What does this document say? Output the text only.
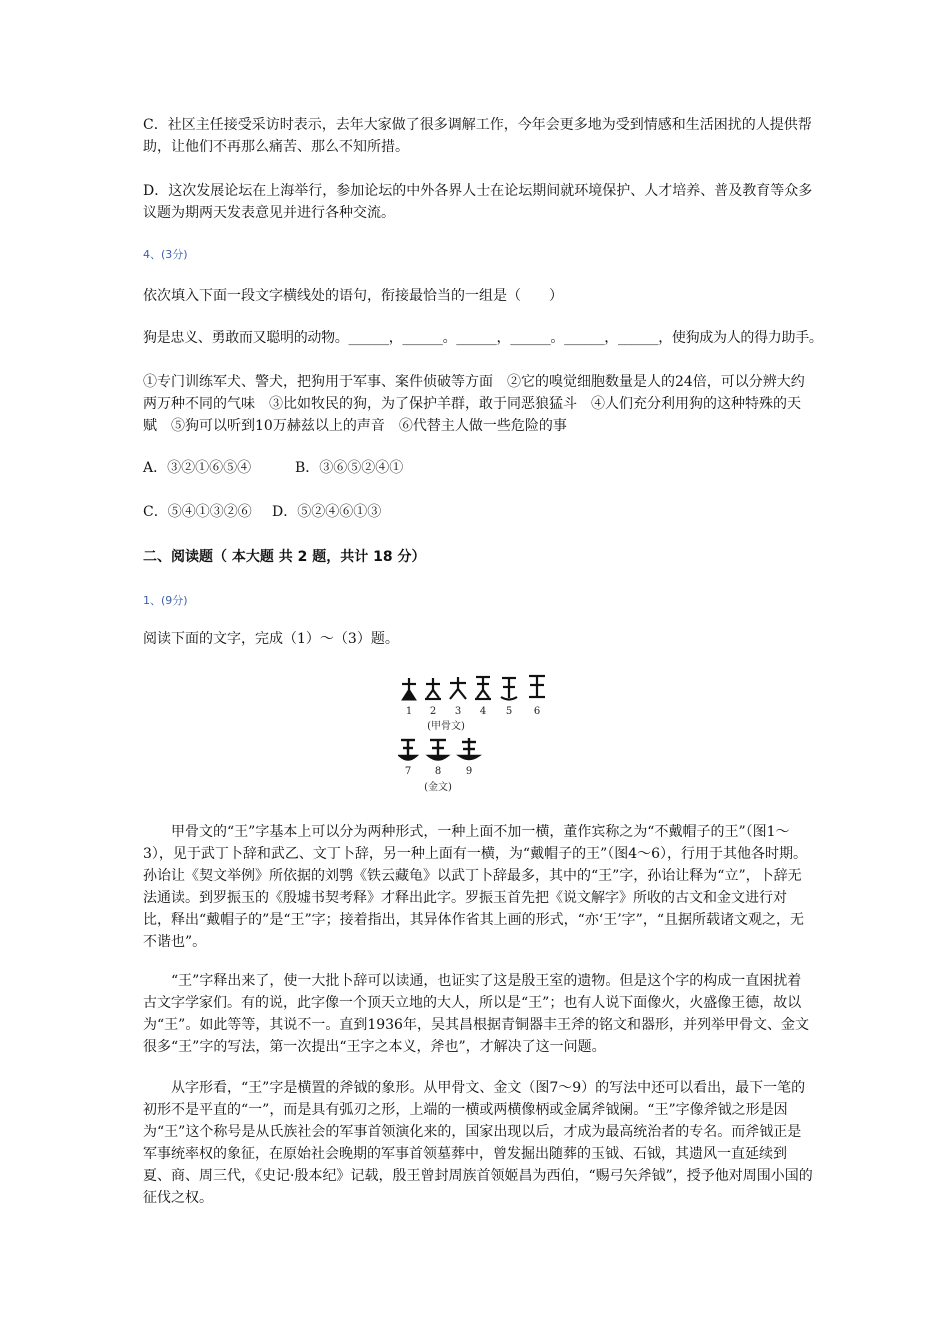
C．社区主任接受采访时表示，去年大家做了很多调解工作，今年会更多地为受到情感和生活困扰的人提供帮助，让他们不再那么痛苦、那么不知所措。

D．这次发展论坛在上海举行，参加论坛的中外各界人士在论坛期间就环境保护、人才培养、普及教育等众多议题为期两天发表意见并进行各种交流。

4、(3分)

依次填入下面一段文字横线处的语句，衔接最恰当的一组是（　　）

狗是忠义、勇敢而又聪明的动物。______，______。______，______。______，______，使狗成为人的得力助手。

①专门训练军犬、警犬，把狗用于军事、案件侦破等方面　②它的嗅觉细胞数量是人的24倍，可以分辨大约两万种不同的气味　③比如牧民的狗，为了保护羊群，敢于同恶狼猛斗　④人们充分利用狗的这种特殊的天赋　⑤狗可以听到10万赫兹以上的声音　⑥代替主人做一些危险的事

A．③②①⑥⑤④	B．③⑥⑤②④①
C．⑤④①③②⑥ D．⑤②④⑥①③
二、阅读题（ 本大题 共 2 题，共计 18 分）
1、(9分)

阅读下面的文字，完成（1）～（3）题。

1 2 3 4 5 6
(甲骨文)
7 8 9
(金文)

甲骨文的“王”字基本上可以分为两种形式，一种上面不加一横，董作宾称之为“不戴帽子的王”（图1～3），见于武丁卜辞和武乙、文丁卜辞，另一种上面有一横，为“戴帽子的王”（图4～6），行用于其他各时期。孙诒让《契文举例》所依据的刘鹗《铁云藏龟》以武丁卜辞最多，其中的“王”字，孙诒让释为“立”，卜辞无法通读。到罗振玉的《殷墟书契考释》才释出此字。罗振玉首先把《说文解字》所收的古文和金文进行对比，释出“戴帽子的”是“王”字；接着指出，其异体作省其上画的形式，“亦‘王’字”，“且据所载诸文观之，无不谐也”。

“王”字释出来了，使一大批卜辞可以读通，也证实了这是殷王室的遗物。但是这个字的构成一直困扰着古文字学家们。有的说，此字像一个顶天立地的大人，所以是“王”；也有人说下面像火，火盛像王德，故以为“王”。如此等等，其说不一。直到1936年，吴其昌根据青铜器丰王斧的铭文和器形，并列举甲骨文、金文很多“王”字的写法，第一次提出“王字之本义，斧也”，才解决了这一问题。

从字形看，“王”字是横置的斧钺的象形。从甲骨文、金文（图7～9）的写法中还可以看出，最下一笔的初形不是平直的“一”，而是具有弧刃之形，上端的一横或两横像柄或金属斧钺阑。“王”字像斧钺之形是因为“王”这个称号是从氏族社会的军事首领演化来的，国家出现以后，才成为最高统治者的专名。而斧钺正是军事统率权的象征，在原始社会晚期的军事首领墓葬中，曾发掘出随葬的玉钺、石钺，其遗风一直延续到夏、商、周三代，《史记·殷本纪》记载，殷王曾封周族首领姬昌为西伯，“赐弓矢斧钺”，授予他对周围小国的征伐之权。
